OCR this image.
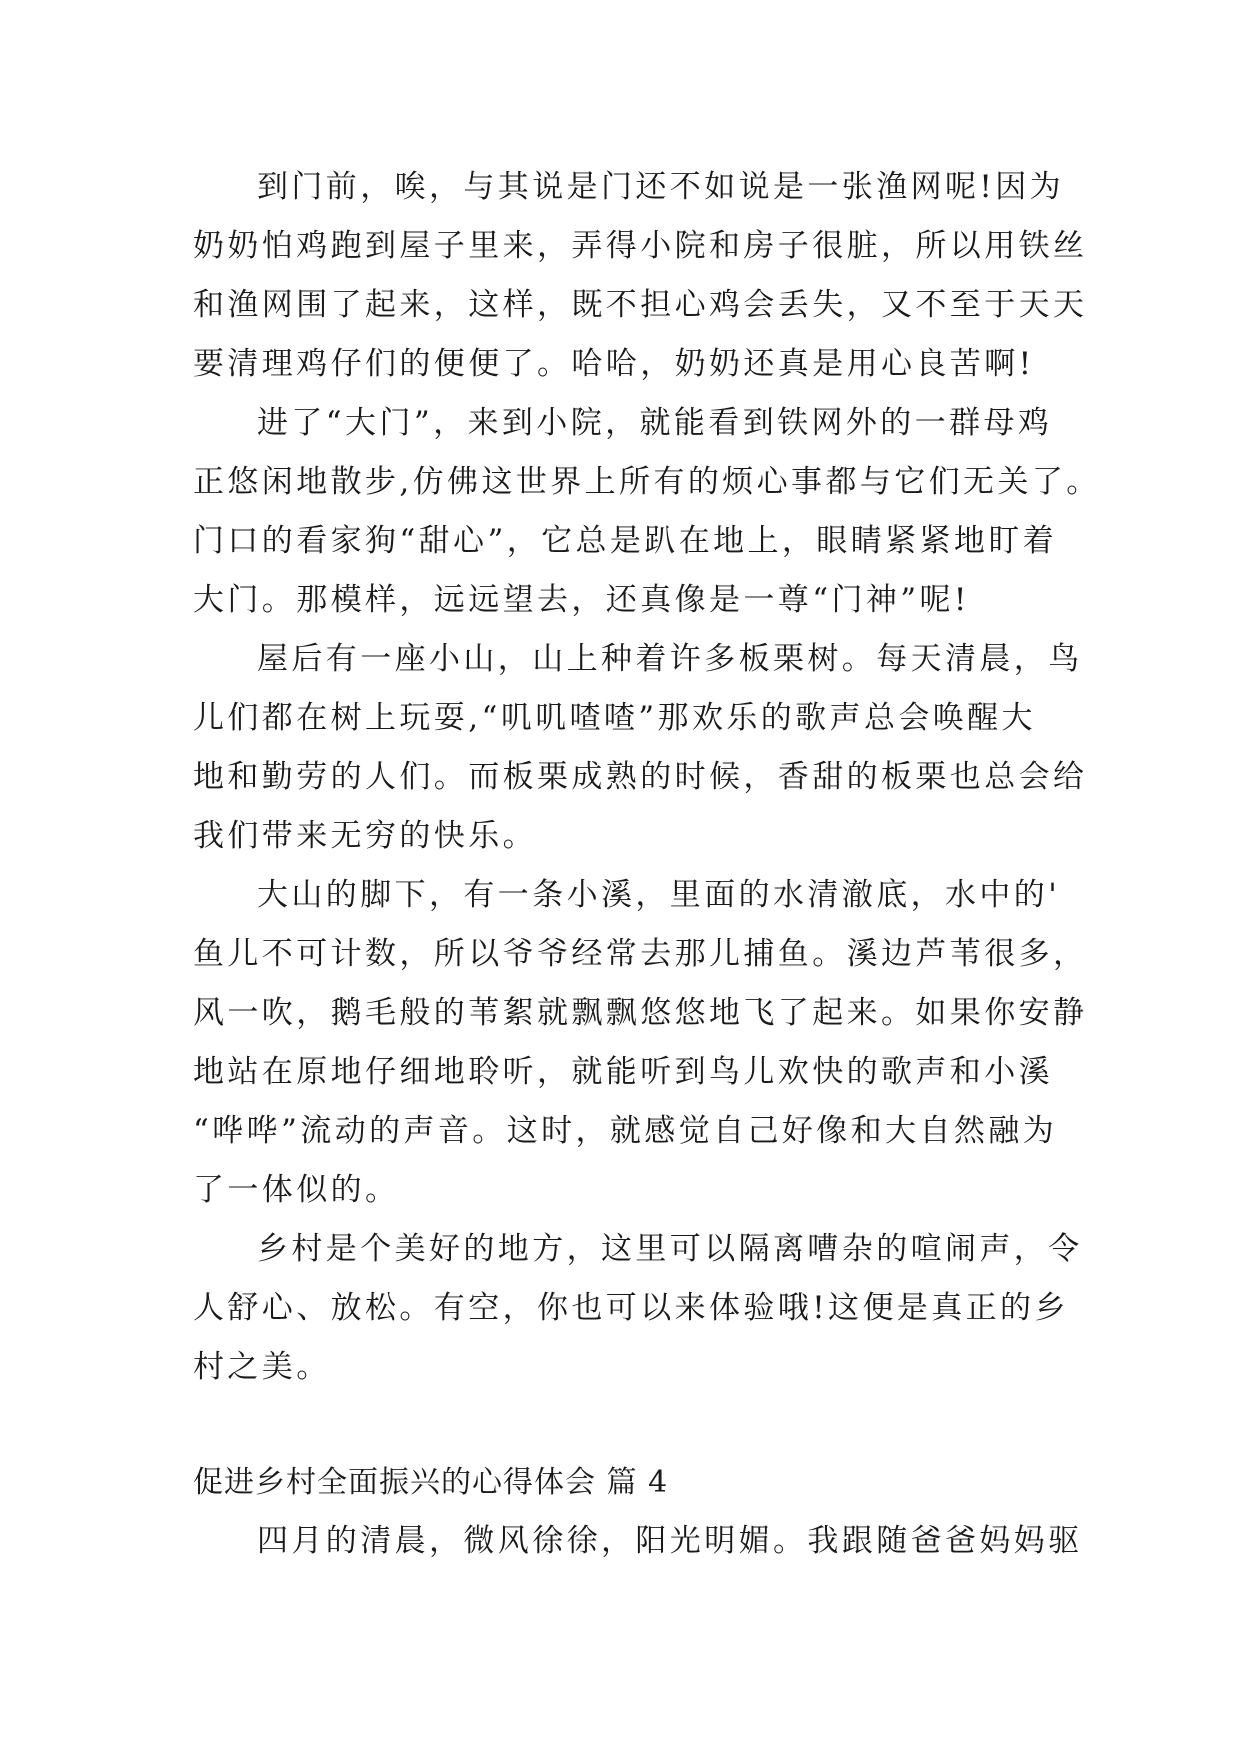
到门前，唉，与其说是门还不如说是一张渔网呢!因为
奶奶怕鸡跑到屋子里来，弄得小院和房子很脏，所以用铁丝
和渔网围了起来，这样，既不担心鸡会丢失，又不至于天天
要清理鸡仔们的便便了。哈哈，奶奶还真是用心良苦啊!

进了“大门”，来到小院，就能看到铁网外的一群母鸡
正悠闲地散步,仿佛这世界上所有的烦心事都与它们无关了。
门口的看家狗“甜心”，它总是趴在地上，眼睛紧紧地盯着
大门。那模样，远远望去，还真像是一尊“门神”呢!

屋后有一座小山，山上种着许多板栗树。每天清晨，鸟
儿们都在树上玩耍,“叽叽喳喳”那欢乐的歌声总会唤醒大
地和勤劳的人们。而板栗成熟的时候，香甜的板栗也总会给
我们带来无穷的快乐。

大山的脚下，有一条小溪，里面的水清澈底，水中的'
鱼儿不可计数，所以爷爷经常去那儿捕鱼。溪边芦苇很多，
风一吹，鹅毛般的苇絮就飘飘悠悠地飞了起来。如果你安静
地站在原地仔细地聆听，就能听到鸟儿欢快的歌声和小溪
“哗哗”流动的声音。这时，就感觉自己好像和大自然融为
了一体似的。

乡村是个美好的地方，这里可以隔离嘈杂的喧闹声，令
人舒心、放松。有空，你也可以来体验哦!这便是真正的乡
村之美。

促进乡村全面振兴的心得体会 篇 4

四月的清晨，微风徐徐，阳光明媚。我跟随爸爸妈妈驱
